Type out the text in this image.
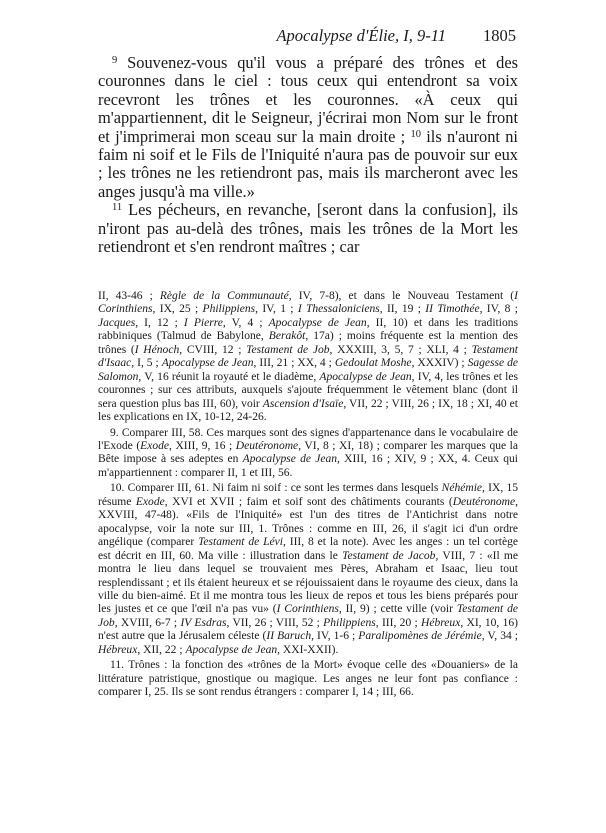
Apocalypse d'Élie, I, 9-11 1805

$^9$ Souvenez-vous qu'il vous a préparé des trônes et des couronnes dans le ciel : tous ceux qui entendront sa voix recevront les trônes et les couronnes. «À ceux qui m'appartiennent, dit le Seigneur, j'écrirai mon Nom sur le front et j'imprimerai mon sceau sur la main droite ; $^{10}$ ils n'auront ni faim ni soif et le Fils de l'Iniquité n'aura pas de pouvoir sur eux ; les trônes ne les retiendront pas, mais ils marcheront avec les anges jusqu'à ma ville.»

$^{11}$ Les pécheurs, en revanche, [seront dans la confusion], ils n'iront pas au-delà des trônes, mais les trônes de la Mort les retiendront et s'en rendront maîtres ; car

II, 43-46 ; Règle de la Communauté, IV, 7-8), et dans le Nouveau Testament (I Corinthiens, IX, 25 ; Philippiens, IV, 1 ; I Thessaloniciens, II, 19 ; II Timothée, IV, 8 ; Jacques, I, 12 ; I Pierre, V, 4 ; Apocalypse de Jean, II, 10) et dans les traditions rabbiniques (Talmud de Babylone, Berakôt, 17a) ; moins fréquente est la mention des trônes (I Hénoch, CVIII, 12 ; Testament de Job, XXXIII, 3, 5, 7 ; XLI, 4 ; Testament d'Isaac, I, 5 ; Apocalypse de Jean, III, 21 ; XX, 4 ; Gedoulat Moshe, XXXIV) ; Sagesse de Salomon, V, 16 réunit la royauté et le diadème, Apocalypse de Jean, IV, 4, les trônes et les couronnes ; sur ces attributs, auxquels s'ajoute fréquemment le vêtement blanc (dont il sera question plus bas III, 60), voir Ascension d'Isaïe, VII, 22 ; VIII, 26 ; IX, 18 ; XI, 40 et les explications en IX, 10-12, 24-26.

9. Comparer III, 58. Ces marques sont des signes d'appartenance dans le vocabulaire de l'Exode (Exode, XIII, 9, 16 ; Deutéronome, VI, 8 ; XI, 18) ; comparer les marques que la Bête impose à ses adeptes en Apocalypse de Jean, XIII, 16 ; XIV, 9 ; XX, 4. Ceux qui m'appartiennent : comparer II, 1 et III, 56.

10. Comparer III, 61. Ni faim ni soif : ce sont les termes dans lesquels Néhémie, IX, 15 résume Exode, XVI et XVII ; faim et soif sont des châtiments courants (Deutéronome, XXVIII, 47-48). «Fils de l'Iniquité» est l'un des titres de l'Antichrist dans notre apocalypse, voir la note sur III, 1. Trônes : comme en III, 26, il s'agit ici d'un ordre angélique (comparer Testament de Lévi, III, 8 et la note). Avec les anges : un tel cortège est décrit en III, 60. Ma ville : illustration dans le Testament de Jacob, VIII, 7 : «Il me montra le lieu dans lequel se trouvaient mes Pères, Abraham et Isaac, lieu tout resplendissant ; et ils étaient heureux et se réjouissaient dans le royaume des cieux, dans la ville du bien-aimé. Et il me montra tous les lieux de repos et tous les biens préparés pour les justes et ce que l'œil n'a pas vu» (I Corinthiens, II, 9) ; cette ville (voir Testament de Job, XVIII, 6-7 ; IV Esdras, VII, 26 ; VIII, 52 ; Philippiens, III, 20 ; Hébreux, XI, 10, 16) n'est autre que la Jérusalem céleste (II Baruch, IV, 1-6 ; Paralipomènes de Jérémie, V, 34 ; Hébreux, XII, 22 ; Apocalypse de Jean, XXI-XXII).

11. Trônes : la fonction des «trônes de la Mort» évoque celle des «Douaniers» de la littérature patristique, gnostique ou magique. Les anges ne leur font pas confiance : comparer I, 25. Ils se sont rendus étrangers : comparer I, 14 ; III, 66.
